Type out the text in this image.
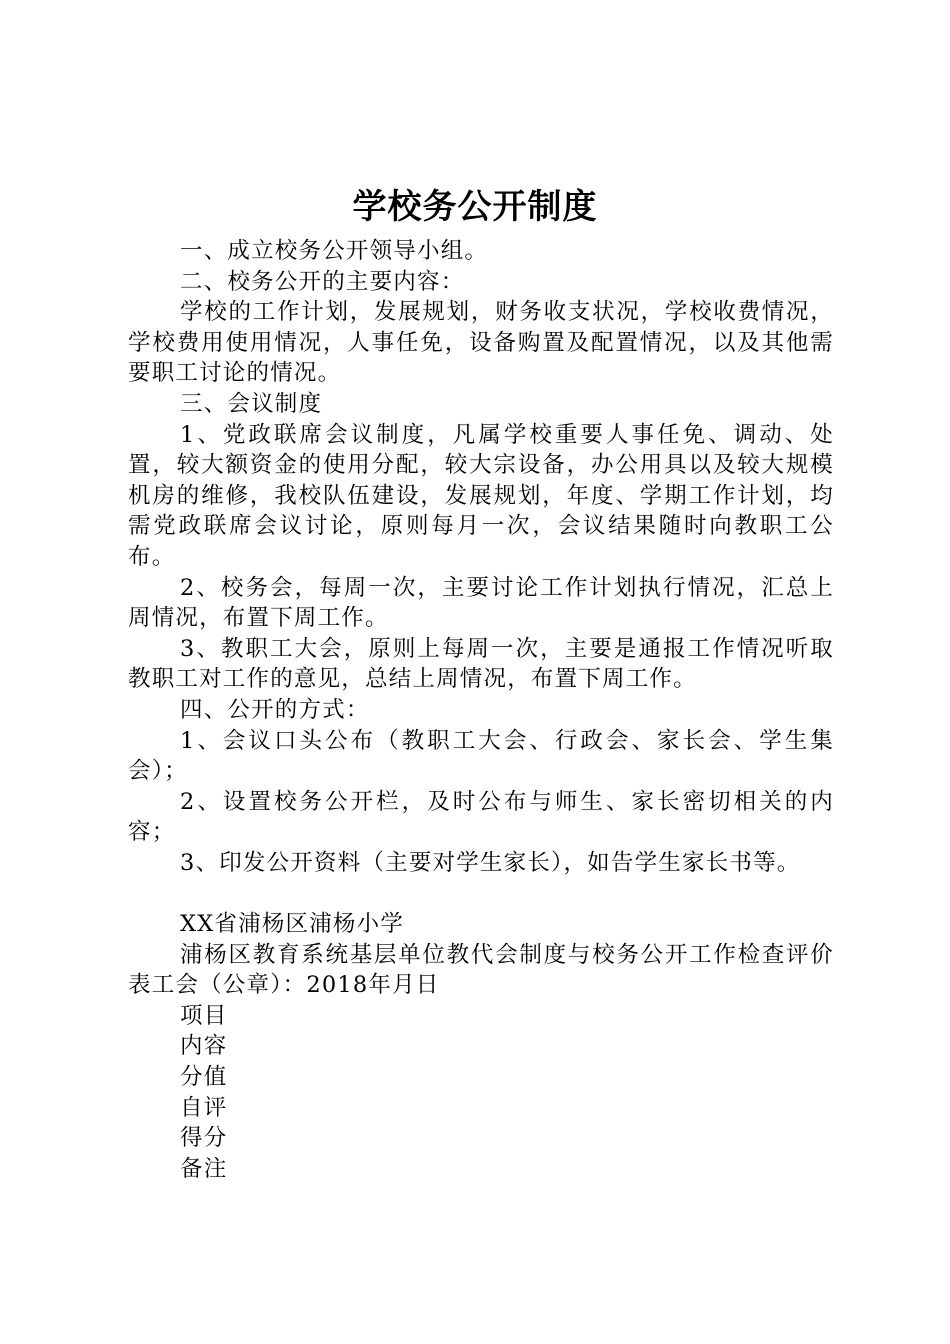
学校务公开制度

一、成立校务公开领导小组。

二、校务公开的主要内容：

学校的工作计划，发展规划，财务收支状况，学校收费情况，学校费用使用情况，人事任免，设备购置及配置情况，以及其他需要职工讨论的情况。

三、会议制度

1、党政联席会议制度，凡属学校重要人事任免、调动、处置，较大额资金的使用分配，较大宗设备，办公用具以及较大规模机房的维修，我校队伍建设，发展规划，年度、学期工作计划，均需党政联席会议讨论，原则每月一次，会议结果随时向教职工公布。

2、校务会，每周一次，主要讨论工作计划执行情况，汇总上周情况，布置下周工作。

3、教职工大会，原则上每周一次，主要是通报工作情况听取教职工对工作的意见，总结上周情况，布置下周工作。

四、公开的方式：

1、会议口头公布（教职工大会、行政会、家长会、学生集会）；

2、设置校务公开栏，及时公布与师生、家长密切相关的内容；

3、印发公开资料（主要对学生家长），如告学生家长书等。

XX省浦杨区浦杨小学

浦杨区教育系统基层单位教代会制度与校务公开工作检查评价表工会（公章）：2018年月日

项目

内容

分值

自评

得分

备注
